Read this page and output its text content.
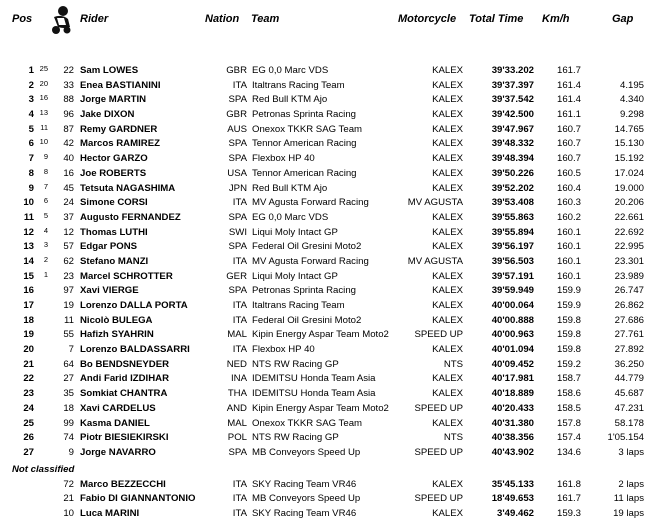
Pos	Rider	Nation Team	Motorcycle Total Time Km/h	Gap
1 25	22 Sam LOWES	GBR EG 0,0 Marc VDS	KALEX	39'33.202	161.7
2 20	33 Enea BASTIANINI	ITA Italtrans Racing Team	KALEX	39'37.397	161.4	4.195
3 16	88 Jorge MARTIN	SPA Red Bull KTM Ajo	KALEX	39'37.542	161.4	4.340
4 13	96 Jake DIXON	GBR Petronas Sprinta Racing	KALEX	39'42.500	161.1	9.298
5 11	87 Remy GARDNER	AUS Onexox TKKR SAG Team	KALEX	39'47.967	160.7	14.765
6 10	42 Marcos RAMIREZ	SPA Tennor American Racing	KALEX	39'48.332	160.7	15.130
7	9	40 Hector GARZO	SPA Flexbox HP 40	KALEX	39'48.394	160.7	15.192
8	8	16 Joe ROBERTS	USA Tennor American Racing	KALEX	39'50.226	160.5	17.024
9	7	45 Tetsuta NAGASHIMA	JPN Red Bull KTM Ajo	KALEX	39'52.202	160.4	19.000
10	6	24 Simone CORSI	ITA MV Agusta Forward Racing	MV AGUSTA	39'53.408	160.3	20.206
11	5	37 Augusto FERNANDEZ	SPA EG 0,0 Marc VDS	KALEX	39'55.863	160.2	22.661
12	4	12 Thomas LUTHI	SWI Liqui Moly Intact GP	KALEX	39'55.894	160.1	22.692
13	3	57 Edgar PONS	SPA Federal Oil Gresini Moto2	KALEX	39'56.197	160.1	22.995
14	2	62 Stefano MANZI	ITA MV Agusta Forward Racing	MV AGUSTA	39'56.503	160.1	23.301
15	1	23 Marcel SCHROTTER	GER Liqui Moly Intact GP	KALEX	39'57.191	160.1	23.989
16	97 Xavi VIERGE	SPA Petronas Sprinta Racing	KALEX	39'59.949	159.9	26.747
17	19 Lorenzo DALLA PORTA	ITA Italtrans Racing Team	KALEX	40'00.064	159.9	26.862
18	11 Nicolò BULEGA	ITA Federal Oil Gresini Moto2	KALEX	40'00.888	159.8	27.686
19	55 Hafizh SYAHRIN	MAL Kipin Energy Aspar Team Moto2	SPEED UP	40'00.963	159.8	27.761
20	7 Lorenzo BALDASSARRI	ITA Flexbox HP 40	KALEX	40'01.094	159.8	27.892
21	64 Bo BENDSNEYDER	NED NTS RW Racing GP	NTS	40'09.452	159.2	36.250
22	27 Andi Farid IZDIHAR	INA IDEMITSU Honda Team Asia	KALEX	40'17.981	158.7	44.779
23	35 Somkiat CHANTRA	THA IDEMITSU Honda Team Asia	KALEX	40'18.889	158.6	45.687
24	18 Xavi CARDELUS	AND Kipin Energy Aspar Team Moto2	SPEED UP	40'20.433	158.5	47.231
25	99 Kasma DANIEL	MAL Onexox TKKR SAG Team	KALEX	40'31.380	157.8	58.178
26	74 Piotr BIESIEKIRSKI	POL NTS RW Racing GP	NTS	40'38.356	157.4	1'05.154
27	9 Jorge NAVARRO	SPA MB Conveyors Speed Up	SPEED UP	40'43.902	134.6	3 laps
Not classified
72 Marco BEZZECCHI	ITA SKY Racing Team VR46	KALEX	35'45.133	161.8	2 laps
21 Fabio DI GIANNANTONIO	ITA MB Conveyors Speed Up	SPEED UP	18'49.653	161.7	11 laps
10 Luca MARINI	ITA SKY Racing Team VR46	KALEX	3'49.462	159.3	19 laps
